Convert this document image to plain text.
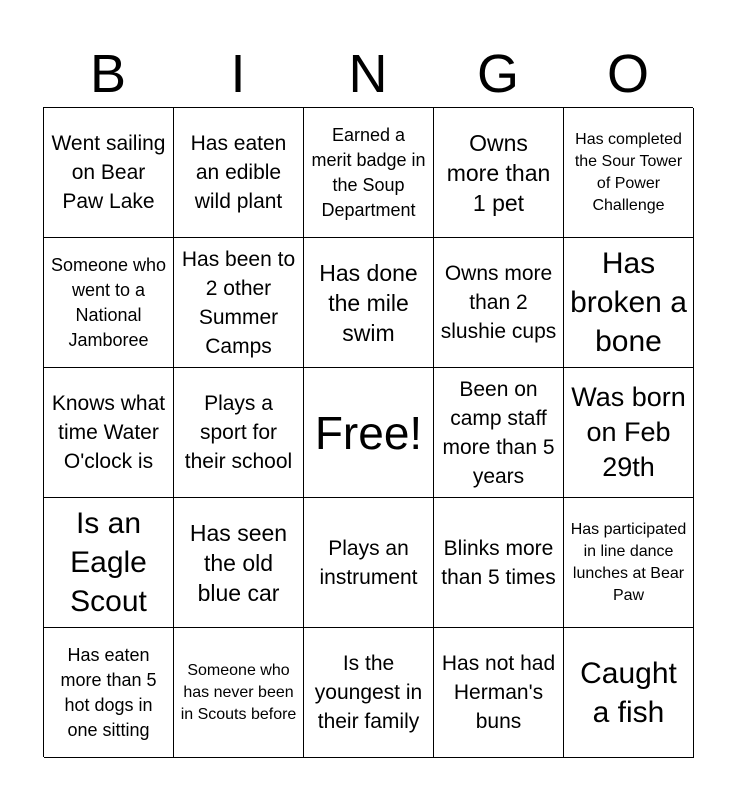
B	I	N	G	O
Went sailing on Bear Paw Lake
Has eaten an edible wild plant
Earned a merit badge in the Soup Department
Owns more than 1 pet
Has completed the Sour Tower of Power Challenge
Someone who went to a National Jamboree
Has been to 2 other Summer Camps
Has done the mile swim
Owns more than 2 slushie cups
Has broken a bone
Knows what time Water O'clock is
Plays a sport for their school
Free!
Been on camp staff more than 5 years
Was born on Feb 29th
Is an Eagle Scout
Has seen the old blue car
Plays an instrument
Blinks more than 5 times
Has participated in line dance lunches at Bear Paw
Has eaten more than 5 hot dogs in one sitting
Someone who has never been in Scouts before
Is the youngest in their family
Has not had Herman's buns
Caught a fish
